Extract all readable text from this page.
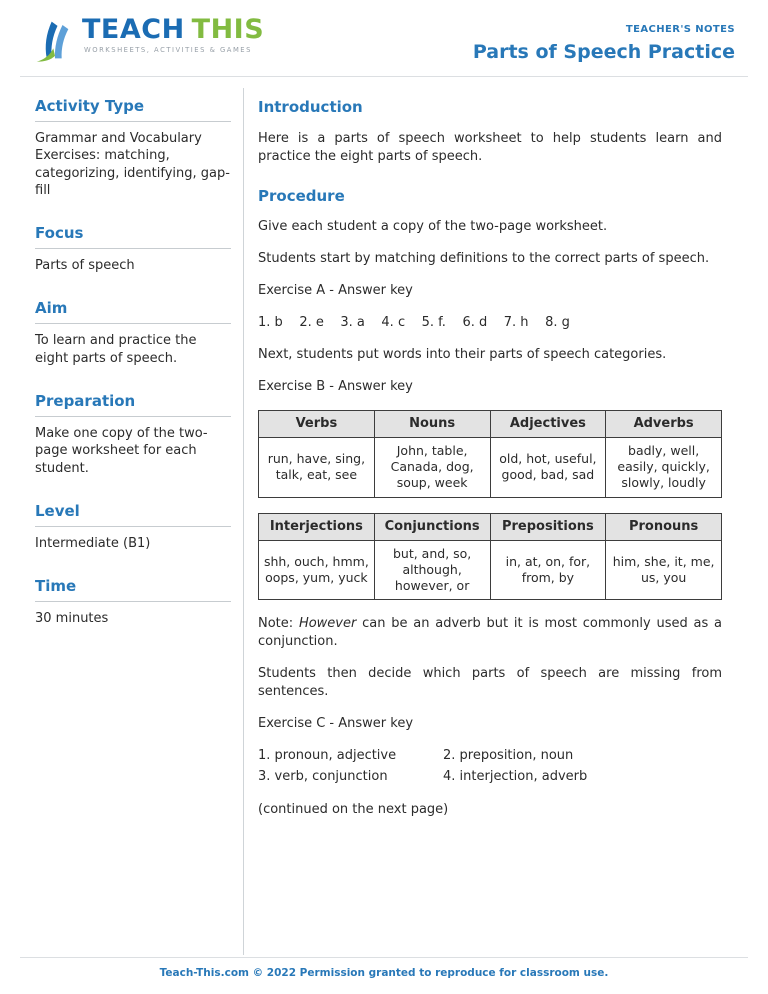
TEACH THIS
WORKSHEETS, ACTIVITIES & GAMES
TEACHER'S NOTES
Parts of Speech Practice
Activity Type
Grammar and Vocabulary Exercises: matching, categorizing, identifying, gap-fill
Focus
Parts of speech
Aim
To learn and practice the eight parts of speech.
Preparation
Make one copy of the two-page worksheet for each student.
Level
Intermediate (B1)
Time
30 minutes
Introduction
Here is a parts of speech worksheet to help students learn and practice the eight parts of speech.
Procedure
Give each student a copy of the two-page worksheet.
Students start by matching definitions to the correct parts of speech.
Exercise A - Answer key
1. b    2. e    3. a    4. c    5. f.    6. d    7. h    8. g
Next, students put words into their parts of speech categories.
Exercise B - Answer key
Verbs	Nouns	Adjectives	Adverbs
run, have, sing, talk, eat, see	John, table, Canada, dog, soup, week	old, hot, useful, good, bad, sad	badly, well, easily, quickly, slowly, loudly
Interjections	Conjunctions	Prepositions	Pronouns
shh, ouch, hmm, oops, yum, yuck	but, and, so, although, however, or	in, at, on, for, from, by	him, she, it, me, us, you
Note: However can be an adverb but it is most commonly used as a conjunction.
Students then decide which parts of speech are missing from sentences.
Exercise C - Answer key
1. pronoun, adjective	2. preposition, noun
3. verb, conjunction	4. interjection, adverb
(continued on the next page)
Teach-This.com © 2022 Permission granted to reproduce for classroom use.
